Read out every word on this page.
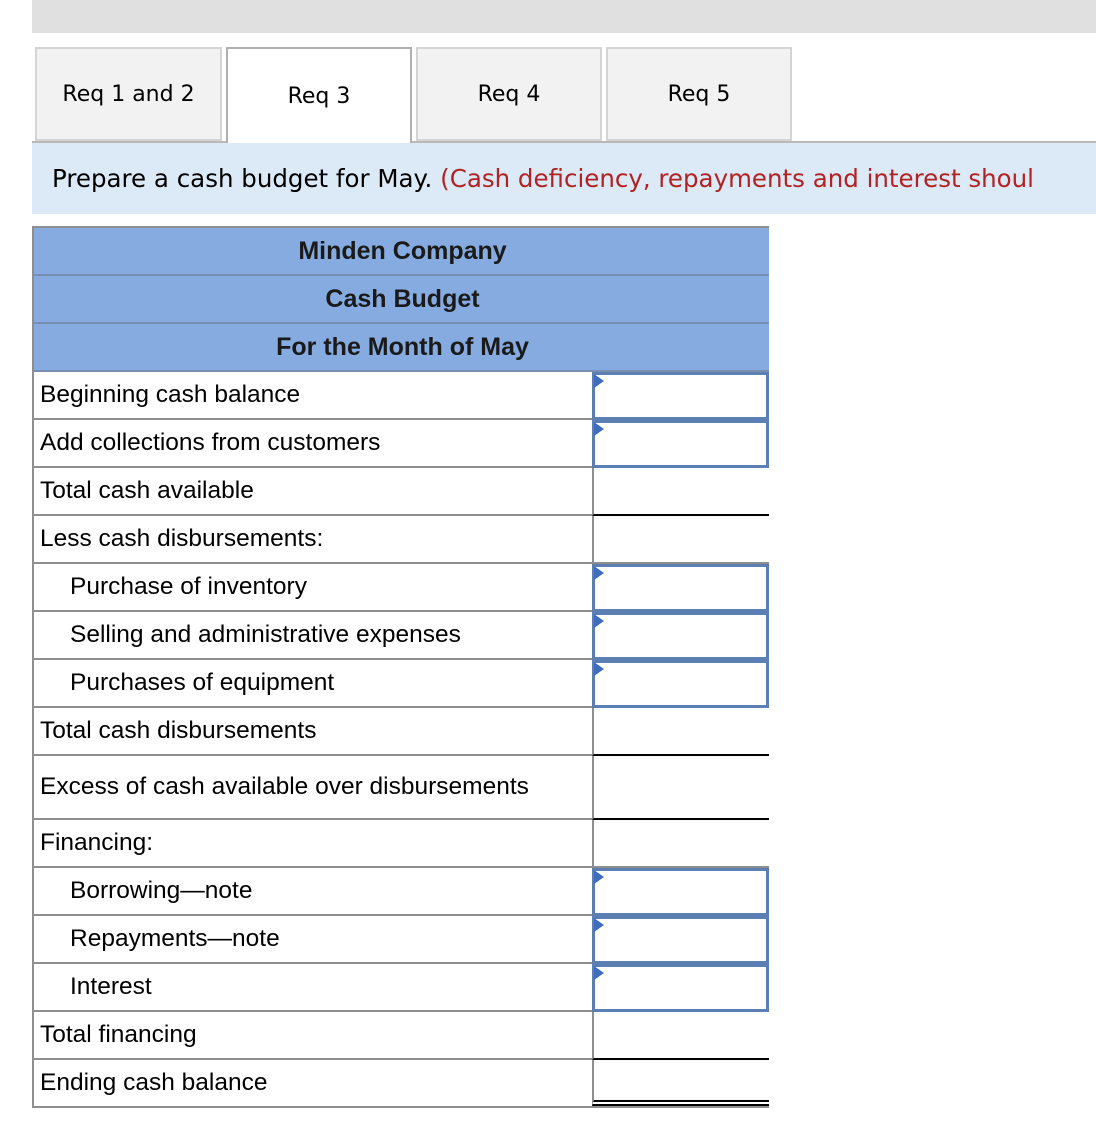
Req 1 and 2	Req 3	Req 4	Req 5
Prepare a cash budget for May. (Cash deficiency, repayments and interest shoul
Minden Company
Cash Budget
For the Month of May
Beginning cash balance
Add collections from customers
Total cash available
Less cash disbursements:
Purchase of inventory
Selling and administrative expenses
Purchases of equipment
Total cash disbursements
Excess of cash available over disbursements
Financing:
Borrowing—note
Repayments—note
Interest
Total financing
Ending cash balance
